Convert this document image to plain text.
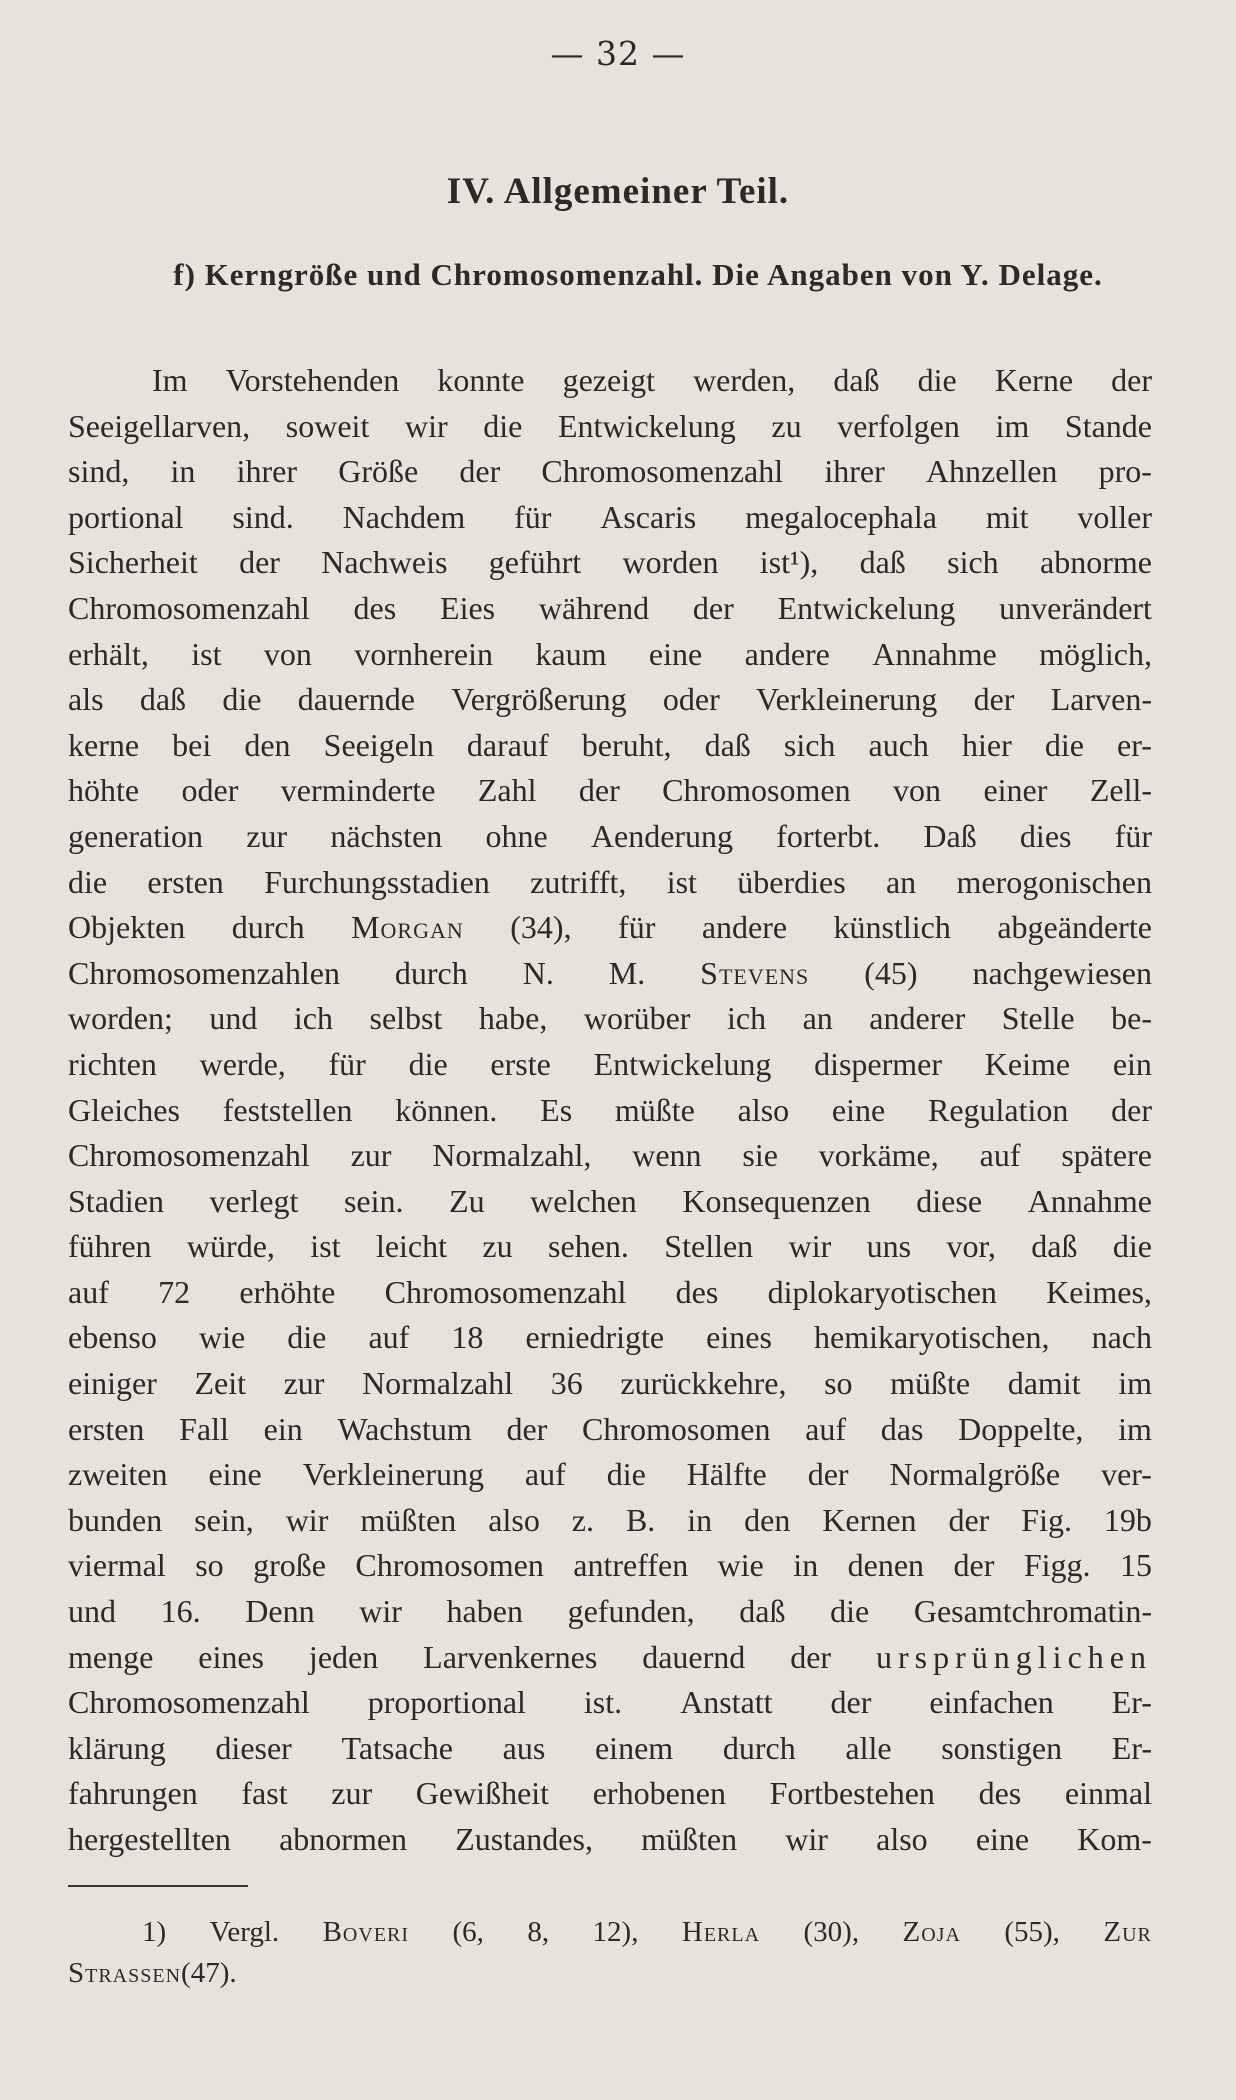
— 32 —
IV. Allgemeiner Teil.
f) Kerngröße und Chromosomenzahl. Die Angaben von Y. Delage.
Im Vorstehenden konnte gezeigt werden, daß die Kerne der
Seeigellarven, soweit wir die Entwickelung zu verfolgen im Stande
sind, in ihrer Größe der Chromosomenzahl ihrer Ahnzellen pro-
portional sind. Nachdem für Ascaris megalocephala mit voller
Sicherheit der Nachweis geführt worden ist¹), daß sich abnorme
Chromosomenzahl des Eies während der Entwickelung unverändert
erhält, ist von vornherein kaum eine andere Annahme möglich,
als daß die dauernde Vergrößerung oder Verkleinerung der Larven-
kerne bei den Seeigeln darauf beruht, daß sich auch hier die er-
höhte oder verminderte Zahl der Chromosomen von einer Zell-
generation zur nächsten ohne Aenderung forterbt. Daß dies für
die ersten Furchungsstadien zutrifft, ist überdies an merogonischen
Objekten durch Morgan (34), für andere künstlich abgeänderte
Chromosomenzahlen durch N. M. Stevens (45) nachgewiesen
worden; und ich selbst habe, worüber ich an anderer Stelle be-
richten werde, für die erste Entwickelung dispermer Keime ein
Gleiches feststellen können. Es müßte also eine Regulation der
Chromosomenzahl zur Normalzahl, wenn sie vorkäme, auf spätere
Stadien verlegt sein. Zu welchen Konsequenzen diese Annahme
führen würde, ist leicht zu sehen. Stellen wir uns vor, daß die
auf 72 erhöhte Chromosomenzahl des diplokaryotischen Keimes,
ebenso wie die auf 18 erniedrigte eines hemikaryotischen, nach
einiger Zeit zur Normalzahl 36 zurückkehre, so müßte damit im
ersten Fall ein Wachstum der Chromosomen auf das Doppelte, im
zweiten eine Verkleinerung auf die Hälfte der Normalgröße ver-
bunden sein, wir müßten also z. B. in den Kernen der Fig. 19b
viermal so große Chromosomen antreffen wie in denen der Figg. 15
und 16. Denn wir haben gefunden, daß die Gesamtchromatin-
menge eines jeden Larvenkernes dauernd der ursprünglichen
Chromosomenzahl proportional ist. Anstatt der einfachen Er-
klärung dieser Tatsache aus einem durch alle sonstigen Er-
fahrungen fast zur Gewißheit erhobenen Fortbestehen des einmal
hergestellten abnormen Zustandes, müßten wir also eine Kom-
1) Vergl. Boveri (6, 8, 12), Herla (30), Zoja (55), Zur
Strassen (47).
